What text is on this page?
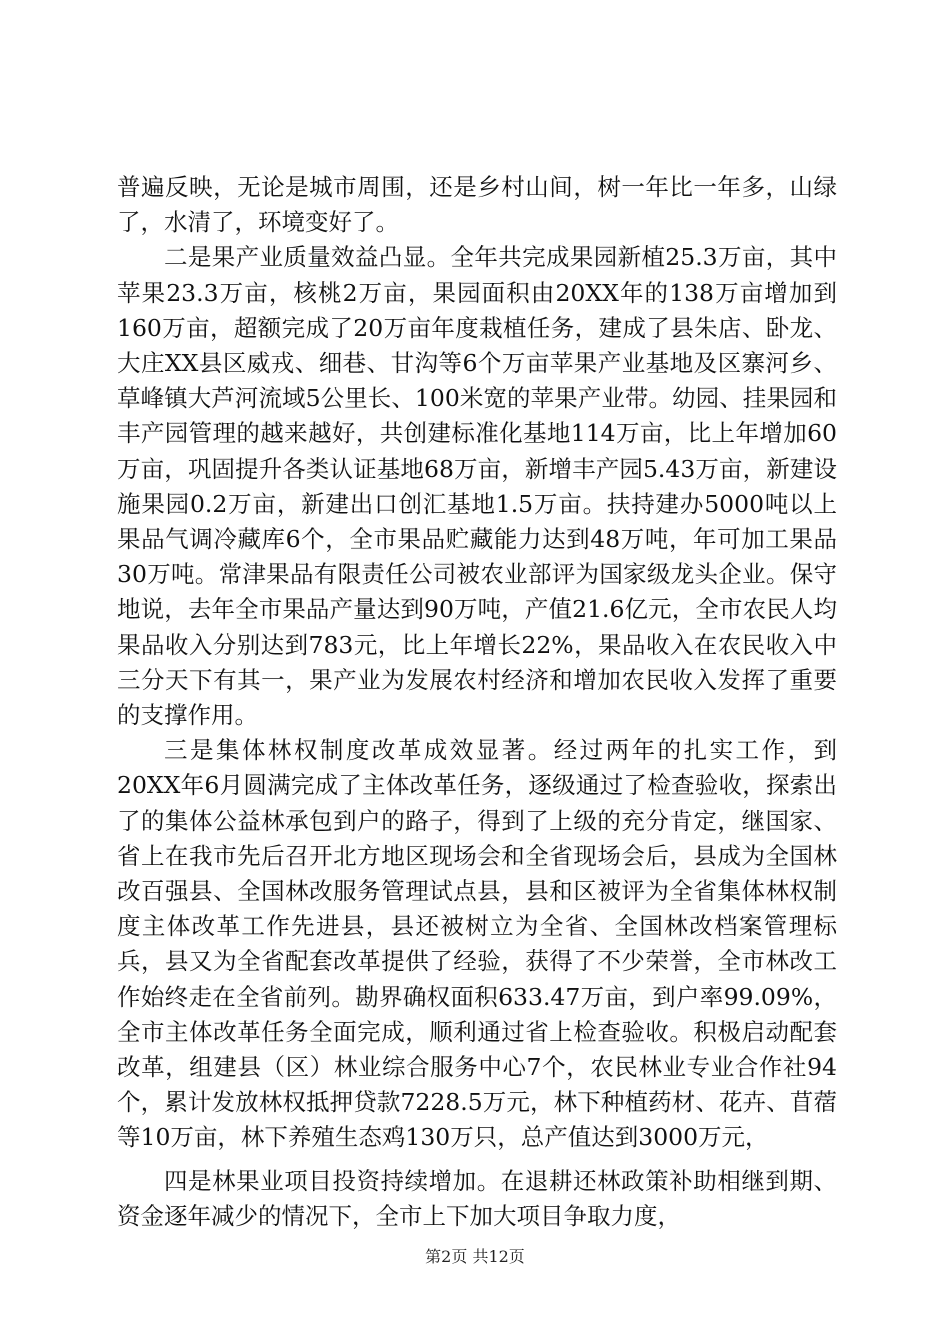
普遍反映，无论是城市周围，还是乡村山间，树一年比一年多，山绿了，水清了，环境变好了。

二是果产业质量效益凸显。全年共完成果园新植25.3万亩，其中苹果23.3万亩，核桃2万亩，果园面积由20XX年的138万亩增加到160万亩，超额完成了20万亩年度栽植任务，建成了县朱店、卧龙、大庄XX县区威戎、细巷、甘沟等6个万亩苹果产业基地及区寨河乡、草峰镇大芦河流域5公里长、100米宽的苹果产业带。幼园、挂果园和丰产园管理的越来越好，共创建标准化基地114万亩，比上年增加60万亩，巩固提升各类认证基地68万亩，新增丰产园5.43万亩，新建设施果园0.2万亩，新建出口创汇基地1.5万亩。扶持建办5000吨以上果品气调冷藏库6个，全市果品贮藏能力达到48万吨，年可加工果品30万吨。常津果品有限责任公司被农业部评为国家级龙头企业。保守地说，去年全市果品产量达到90万吨，产值21.6亿元，全市农民人均果品收入分别达到783元，比上年增长22%，果品收入在农民收入中三分天下有其一，果产业为发展农村经济和增加农民收入发挥了重要的支撑作用。

三是集体林权制度改革成效显著。经过两年的扎实工作，到20XX年6月圆满完成了主体改革任务，逐级通过了检查验收，探索出了的集体公益林承包到户的路子，得到了上级的充分肯定，继国家、省上在我市先后召开北方地区现场会和全省现场会后，县成为全国林改百强县、全国林改服务管理试点县，县和区被评为全省集体林权制度主体改革工作先进县，县还被树立为全省、全国林改档案管理标兵，县又为全省配套改革提供了经验，获得了不少荣誉，全市林改工作始终走在全省前列。勘界确权面积633.47万亩，到户率99.09%，全市主体改革任务全面完成，顺利通过省上检查验收。积极启动配套改革，组建县（区）林业综合服务中心7个，农民林业专业合作社94个，累计发放林权抵押贷款7228.5万元，林下种植药材、花卉、苜蓿等10万亩，林下养殖生态鸡130万只，总产值达到3000万元，

四是林果业项目投资持续增加。在退耕还林政策补助相继到期、资金逐年减少的情况下，全市上下加大项目争取力度，

第2页 共12页
